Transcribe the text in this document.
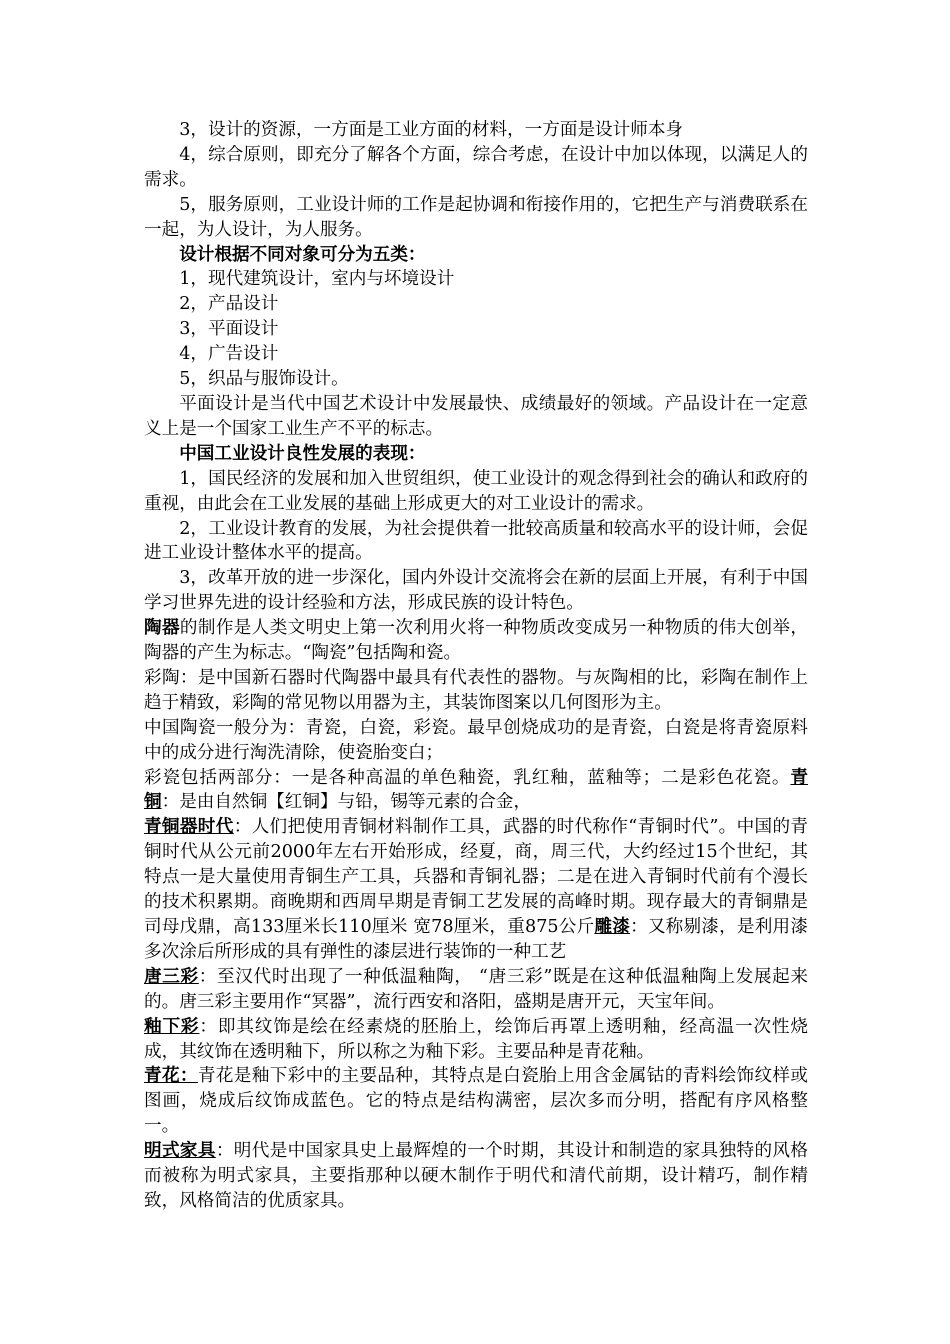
3，设计的资源，一方面是工业方面的材料，一方面是设计师本身

4，综合原则，即充分了解各个方面，综合考虑，在设计中加以体现，以满足人的需求。

5，服务原则，工业设计师的工作是起协调和衔接作用的，它把生产与消费联系在一起，为人设计，为人服务。

设计根据不同对象可分为五类：

1，现代建筑设计，室内与坏境设计

2，产品设计

3，平面设计

4，广告设计

5，织品与服饰设计。

平面设计是当代中国艺术设计中发展最快、成绩最好的领域。产品设计在一定意义上是一个国家工业生产不平的标志。

中国工业设计良性发展的表现：

1，国民经济的发展和加入世贸组织，使工业设计的观念得到社会的确认和政府的重视，由此会在工业发展的基础上形成更大的对工业设计的需求。

2，工业设计教育的发展，为社会提供着一批较高质量和较高水平的设计师，会促进工业设计整体水平的提高。

3，改革开放的进一步深化，国内外设计交流将会在新的层面上开展，有利于中国学习世界先进的设计经验和方法，形成民族的设计特色。

陶器的制作是人类文明史上第一次利用火将一种物质改变成另一种物质的伟大创举，陶器的产生为标志。“陶瓷”包括陶和瓷。

彩陶：是中国新石器时代陶器中最具有代表性的器物。与灰陶相的比，彩陶在制作上趋于精致，彩陶的常见物以用器为主，其装饰图案以几何图形为主。

中国陶瓷一般分为：青瓷，白瓷，彩瓷。最早创烧成功的是青瓷，白瓷是将青瓷原料中的成分进行淘洗清除，使瓷胎变白；

彩瓷包括两部分：一是各种高温的单色釉瓷，乳红釉，蓝釉等；二是彩色花瓷。青铜：是由自然铜【红铜】与铅，锡等元素的合金，

青铜器时代：人们把使用青铜材料制作工具，武器的时代称作“青铜时代”。中国的青铜时代从公元前2000年左右开始形成，经夏，商，周三代，大约经过15个世纪，其特点一是大量使用青铜生产工具，兵器和青铜礼器；二是在进入青铜时代前有个漫长的技术积累期。商晚期和西周早期是青铜工艺发展的高峰时期。现存最大的青铜鼎是司母戊鼎，高133厘米长110厘米 宽78厘米，重875公斤雕漆：又称剔漆，是利用漆多次涂后所形成的具有弹性的漆层进行装饰的一种工艺

唐三彩：至汉代时出现了一种低温釉陶， “唐三彩”既是在这种低温釉陶上发展起来的。唐三彩主要用作“冥器”，流行西安和洛阳，盛期是唐开元，天宝年间。

釉下彩：即其纹饰是绘在经素烧的胚胎上，绘饰后再罩上透明釉，经高温一次性烧成，其纹饰在透明釉下，所以称之为釉下彩。主要品种是青花釉。

青花：青花是釉下彩中的主要品种，其特点是白瓷胎上用含金属钴的青料绘饰纹样或图画，烧成后纹饰成蓝色。它的特点是结构满密，层次多而分明，搭配有序风格整一。

明式家具：明代是中国家具史上最辉煌的一个时期，其设计和制造的家具独特的风格而被称为明式家具，主要指那种以硬木制作于明代和清代前期，设计精巧，制作精致，风格简洁的优质家具。
